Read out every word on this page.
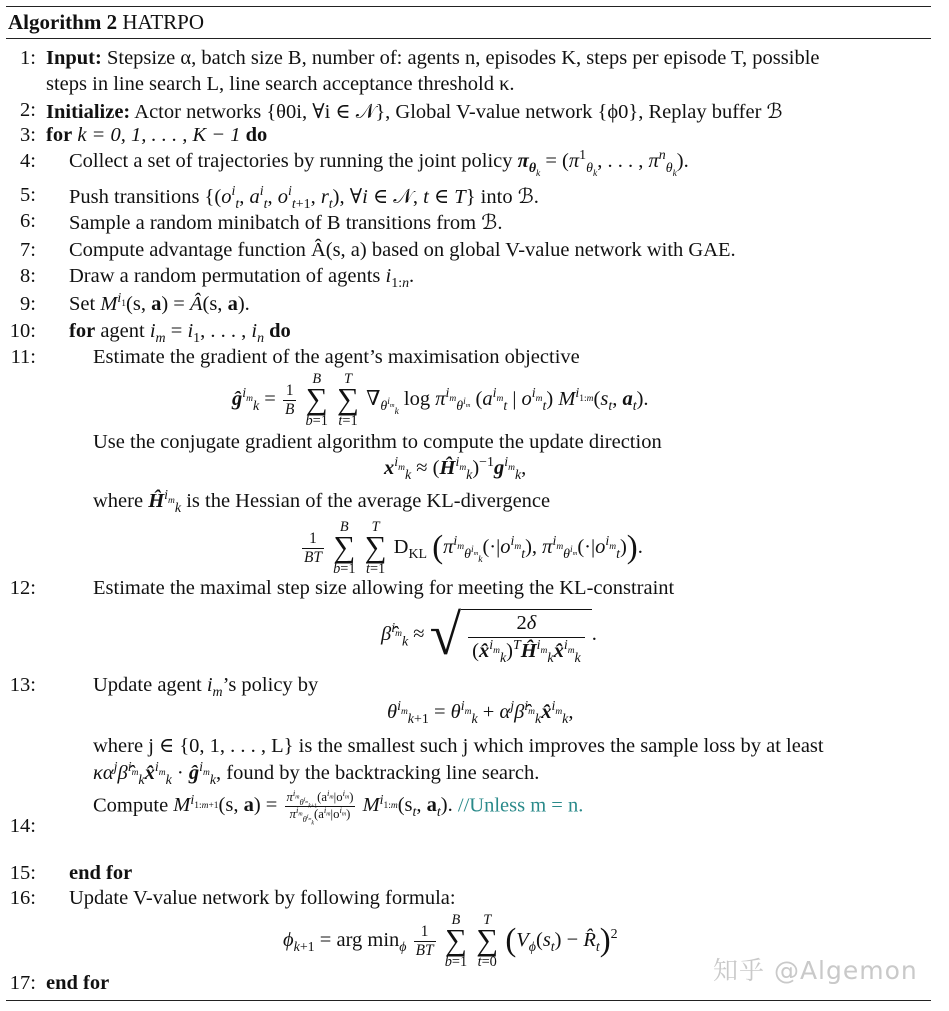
Algorithm 2 HATRPO
1: Input: Stepsize α, batch size B, number of: agents n, episodes K, steps per episode T, possible
steps in line search L, line search acceptance threshold κ.
2: Initialize: Actor networks {θ0i, ∀i ∈ 𝒩}, Global V-value network {ϕ0}, Replay buffer ℬ
3: for k = 0, 1, . . . , K − 1 do
4: Collect a set of trajectories by running the joint policy $\pi_{\theta_k} = (\pi^1_{\theta_k}$, . . . , $\pi^n_{\theta_k}$).
5: Push transitions {($o^i_t$, $a^i_t$, $o^i_{t+1}$, $r_t$), ∀i ∈ 𝒩, t ∈ T} into ℬ.
6: Sample a random minibatch of B transitions from ℬ.
7: Compute advantage function Â(s, a) based on global V-value network with GAE.
8: Draw a random permutation of agents $i_{1:n}$.
9: Set $M^{i_1}(s$, a) = Â(s, a).
10: for agent $i_m = i_1$, . . . , $i_n$ do
11:	Estimate the gradient of the agent’s maximisation objective
$ĝ^{i_m}_k = \frac{1}{B}$

B
∑
b=1

T
∑
t=1
$\nabla_{\theta^{i_m}_k}$ $\log \pi^{i_m}_{\theta^{i_m}}$ ($a^{i_m}_t$ | $o^{i_m}_t$) $M^{i_{1:m}}(s_t$, $a_t$).
Use the conjugate gradient algorithm to compute the update direction
$x^{i_m}_k$ ≈ $(Ĥ^{i_m}_k)^{-1}g^{i_m}_k$,
where $Ĥ^{i_m}_k$ is the Hessian of the average KL-divergence
$\frac{1}{BT}$

B
∑
b=1

T
∑
t=1
$D_{KL}$ ($\pi^{i_m}_{\theta^{i_m}_k}(\cdot|o^{i_m}_t)$, $\pi^{i_m}_{\theta^{i_m}}(\cdot|o^{i_m}_t)$).
12:	Estimate the maximal step size allowing for meeting the KL-constraint
β̂$^{i_m}_k$ ≈ √ $\frac{2\delta}{(x̂^{i_m}_k)^TĤ^{i_m}_kx̂^{i_m}_k}$ .
13:	Update agent $i_m’s$ policy by
$\theta^{i_m}_{k+1} = \theta^{i_m}_k$ + $\alpha^j\betâ^{i_m}_kx̂^{i_m}_k$,
where j ∈ {0, 1, . . . , L} is the smallest such j which improves the sample loss by at least
$\kappa\alpha^j\betâ^{i_m}_kx̂^{i_m}_k$ · $ĝ^{i_m}_k$, found by the backtracking line search.
14:
Compute $M^{i_{1:m+1}}(s$, $a) = \frac{\pi^{i_m}_{\theta^{i_m}_{k+1}}(a^{i_m}|o^{i_m})}{\pi^{i_m}_{\theta^{i_m}_k}(a^{i_m}|o^{i_m})} M^{i_{1:m}}(s_t$, $a_t$). //Unless m = n.
15: end for
16: Update V-value network by following formula:
$\phi_{k+1}$ = arg $\min_\phi \frac{1}{BT}$

B
∑
b=1

T
∑
t=0
($V_\phi(s_t)$ − $R̂_t)^2$
17: end for	知乎 @Algemon
